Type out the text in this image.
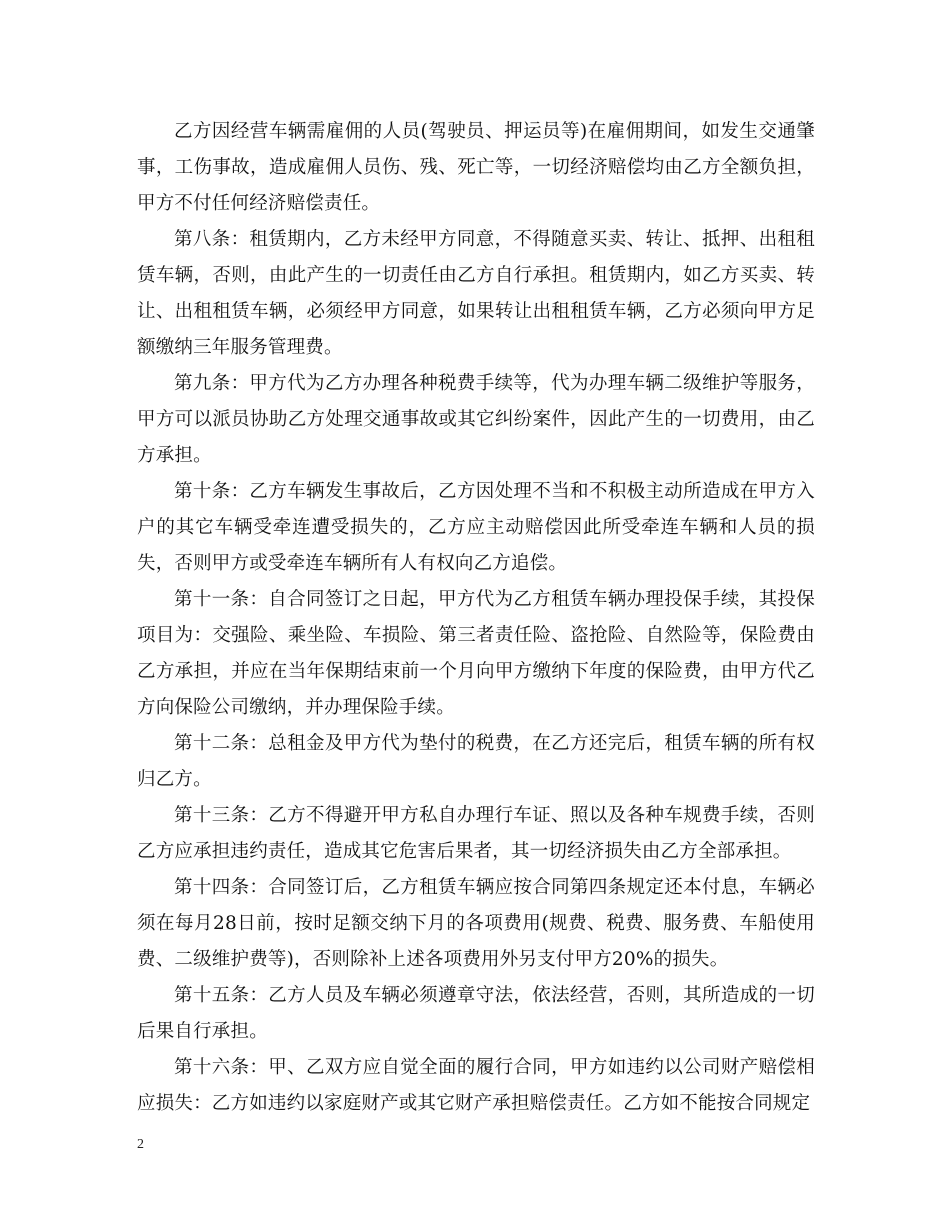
乙方因经营车辆需雇佣的人员(驾驶员、押运员等)在雇佣期间，如发生交通肇事，工伤事故，造成雇佣人员伤、残、死亡等，一切经济赔偿均由乙方全额负担，甲方不付任何经济赔偿责任。

第八条：租赁期内，乙方未经甲方同意，不得随意买卖、转让、抵押、出租租赁车辆，否则，由此产生的一切责任由乙方自行承担。租赁期内，如乙方买卖、转让、出租租赁车辆，必须经甲方同意，如果转让出租租赁车辆，乙方必须向甲方足额缴纳三年服务管理费。

第九条：甲方代为乙方办理各种税费手续等，代为办理车辆二级维护等服务，甲方可以派员协助乙方处理交通事故或其它纠纷案件，因此产生的一切费用，由乙方承担。

第十条：乙方车辆发生事故后，乙方因处理不当和不积极主动所造成在甲方入户的其它车辆受牵连遭受损失的，乙方应主动赔偿因此所受牵连车辆和人员的损失，否则甲方或受牵连车辆所有人有权向乙方追偿。

第十一条：自合同签订之日起，甲方代为乙方租赁车辆办理投保手续，其投保项目为：交强险、乘坐险、车损险、第三者责任险、盗抢险、自然险等，保险费由乙方承担，并应在当年保期结束前一个月向甲方缴纳下年度的保险费，由甲方代乙方向保险公司缴纳，并办理保险手续。

第十二条：总租金及甲方代为垫付的税费，在乙方还完后，租赁车辆的所有权归乙方。

第十三条：乙方不得避开甲方私自办理行车证、照以及各种车规费手续，否则乙方应承担违约责任，造成其它危害后果者，其一切经济损失由乙方全部承担。

第十四条：合同签订后，乙方租赁车辆应按合同第四条规定还本付息，车辆必须在每月28日前，按时足额交纳下月的各项费用(规费、税费、服务费、车船使用费、二级维护费等)，否则除补上述各项费用外另支付甲方20%的损失。

第十五条：乙方人员及车辆必须遵章守法，依法经营，否则，其所造成的一切后果自行承担。

第十六条：甲、乙双方应自觉全面的履行合同，甲方如违约以公司财产赔偿相应损失：乙方如违约以家庭财产或其它财产承担赔偿责任。乙方如不能按合同规定

2
